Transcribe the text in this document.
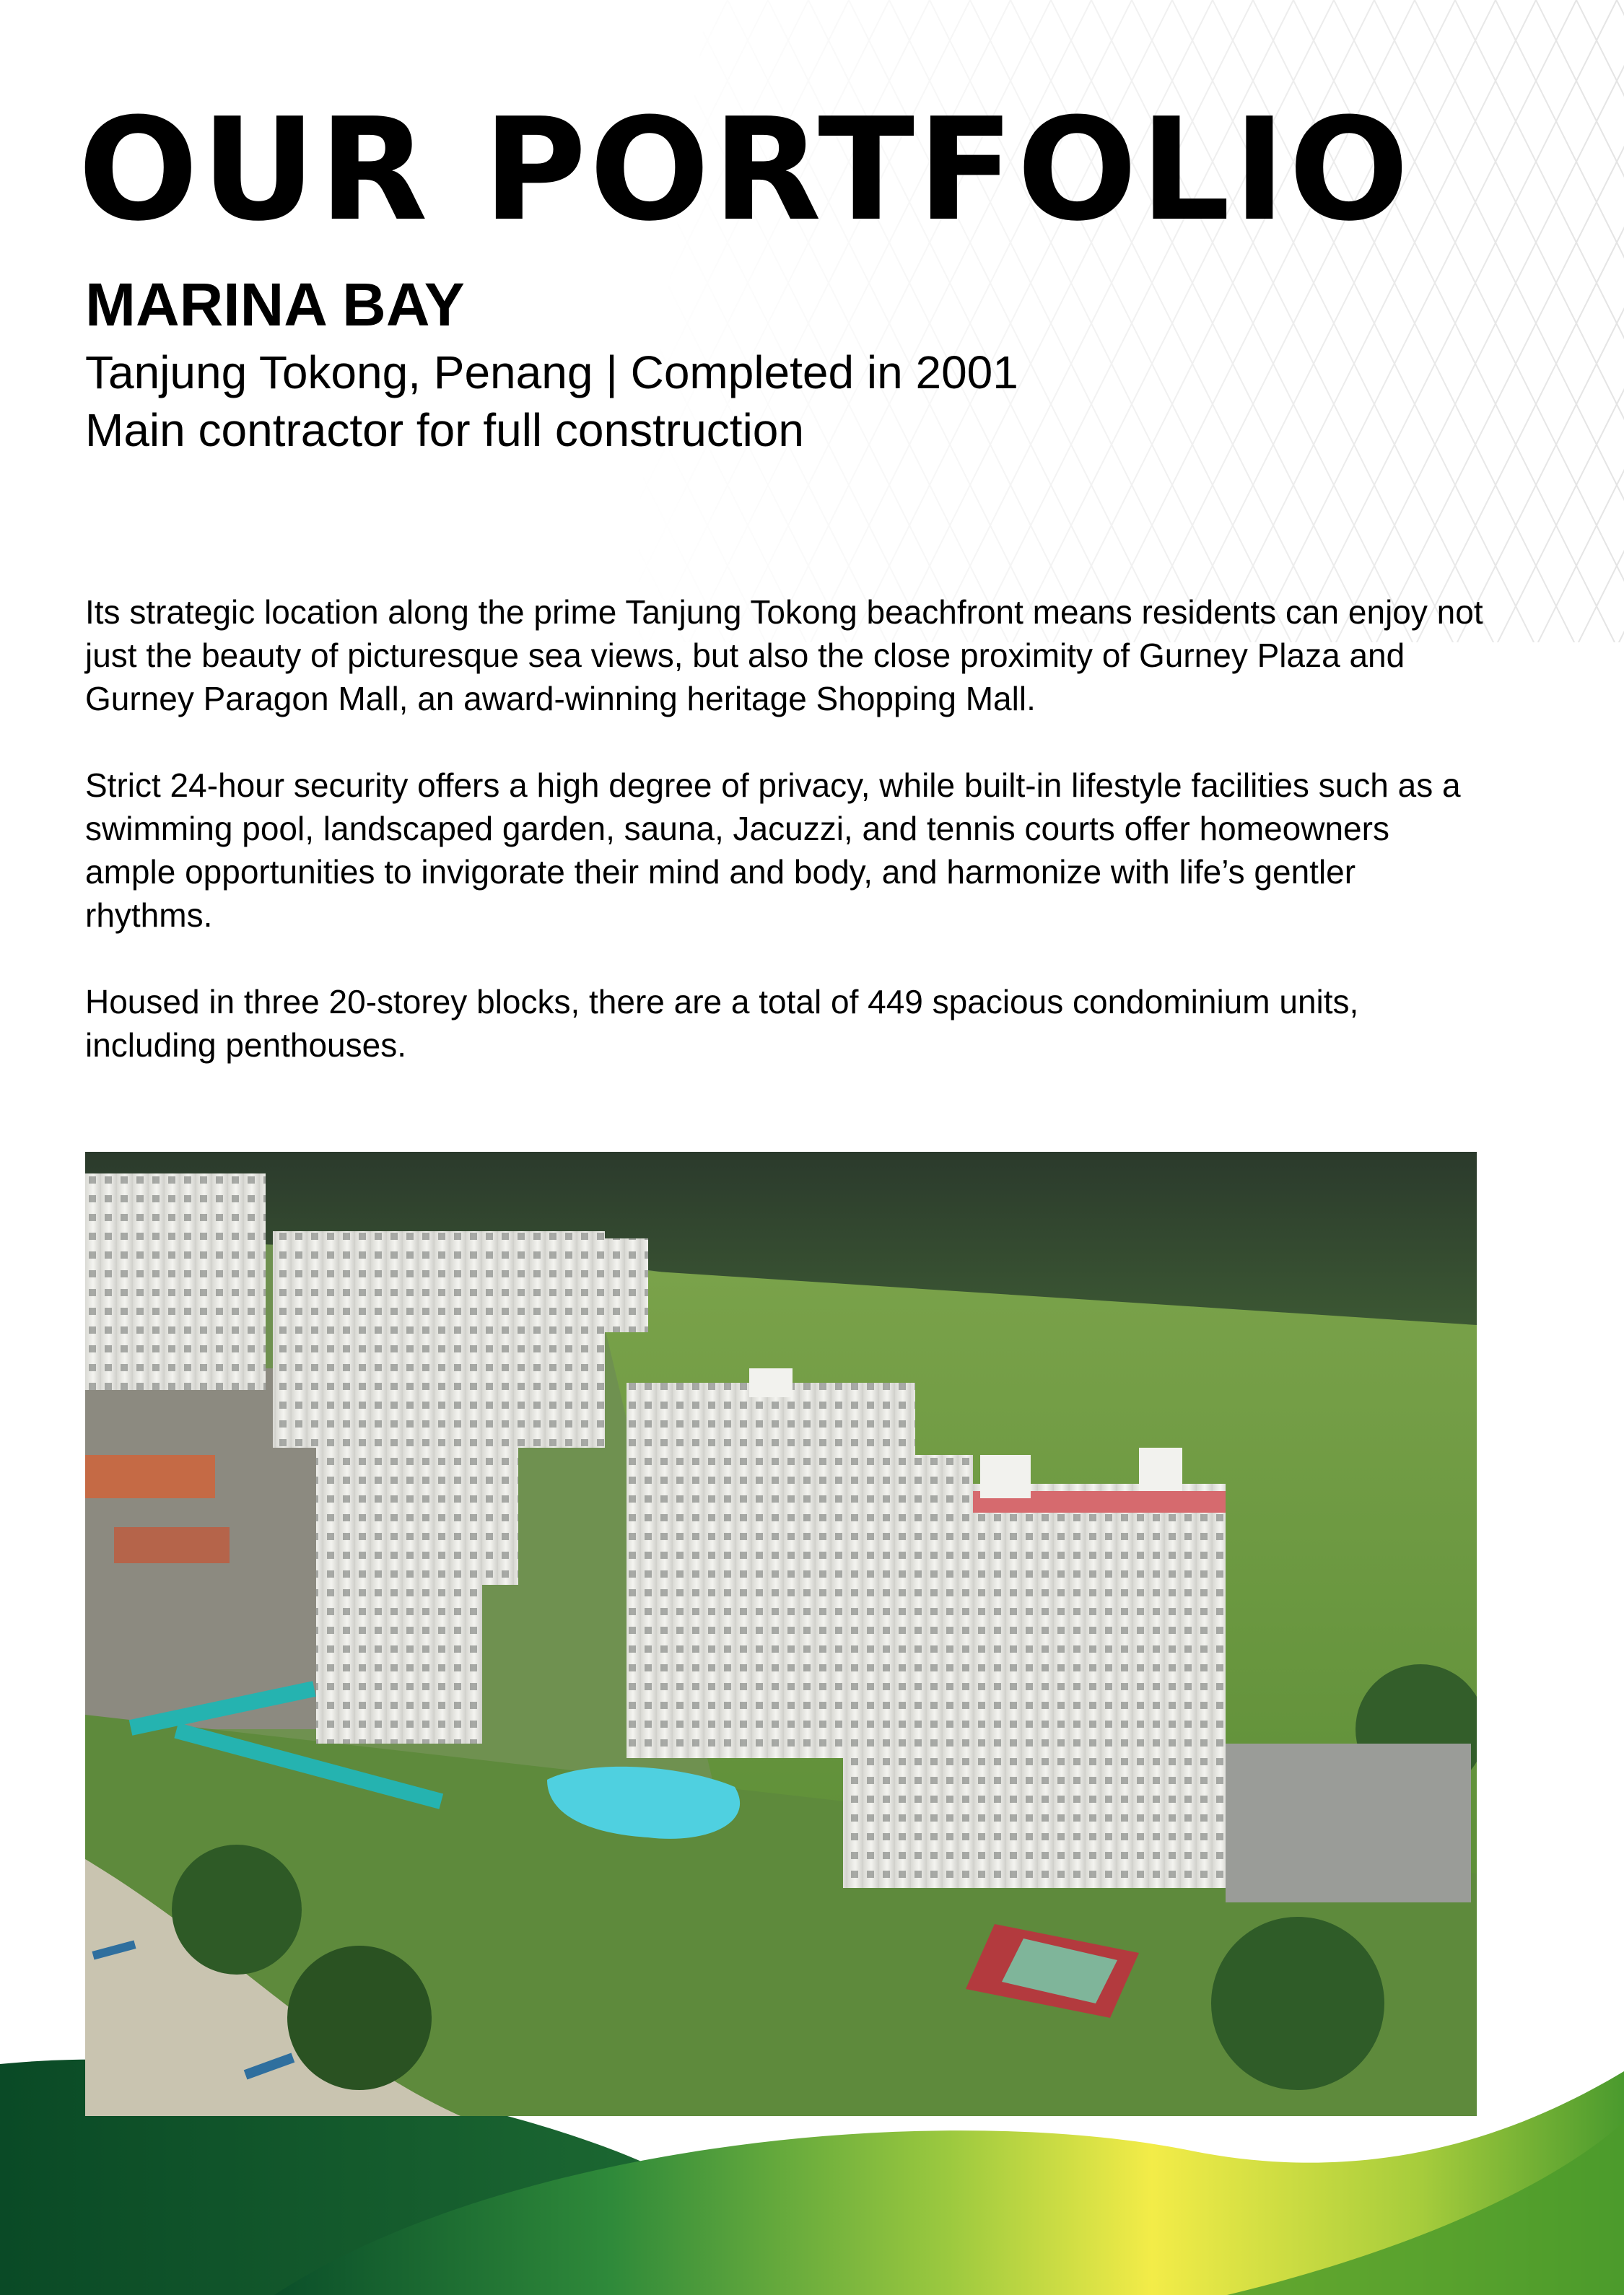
OUR PORTFOLIO
MARINA BAY
Tanjung Tokong, Penang | Completed in 2001
Main contractor for full construction

Its strategic location along the prime Tanjung Tokong beachfront means residents can enjoy not just the beauty of picturesque sea views, but also the close proximity of Gurney Plaza and Gurney Paragon Mall, an award-winning heritage Shopping Mall.

Strict 24-hour security offers a high degree of privacy, while built-in lifestyle facilities such as a swimming pool, landscaped garden, sauna, Jacuzzi, and tennis courts offer homeowners ample opportunities to invigorate their mind and body, and harmonize with life’s gentler rhythms.

Housed in three 20-storey blocks, there are a total of 449 spacious condominium units, including penthouses.
